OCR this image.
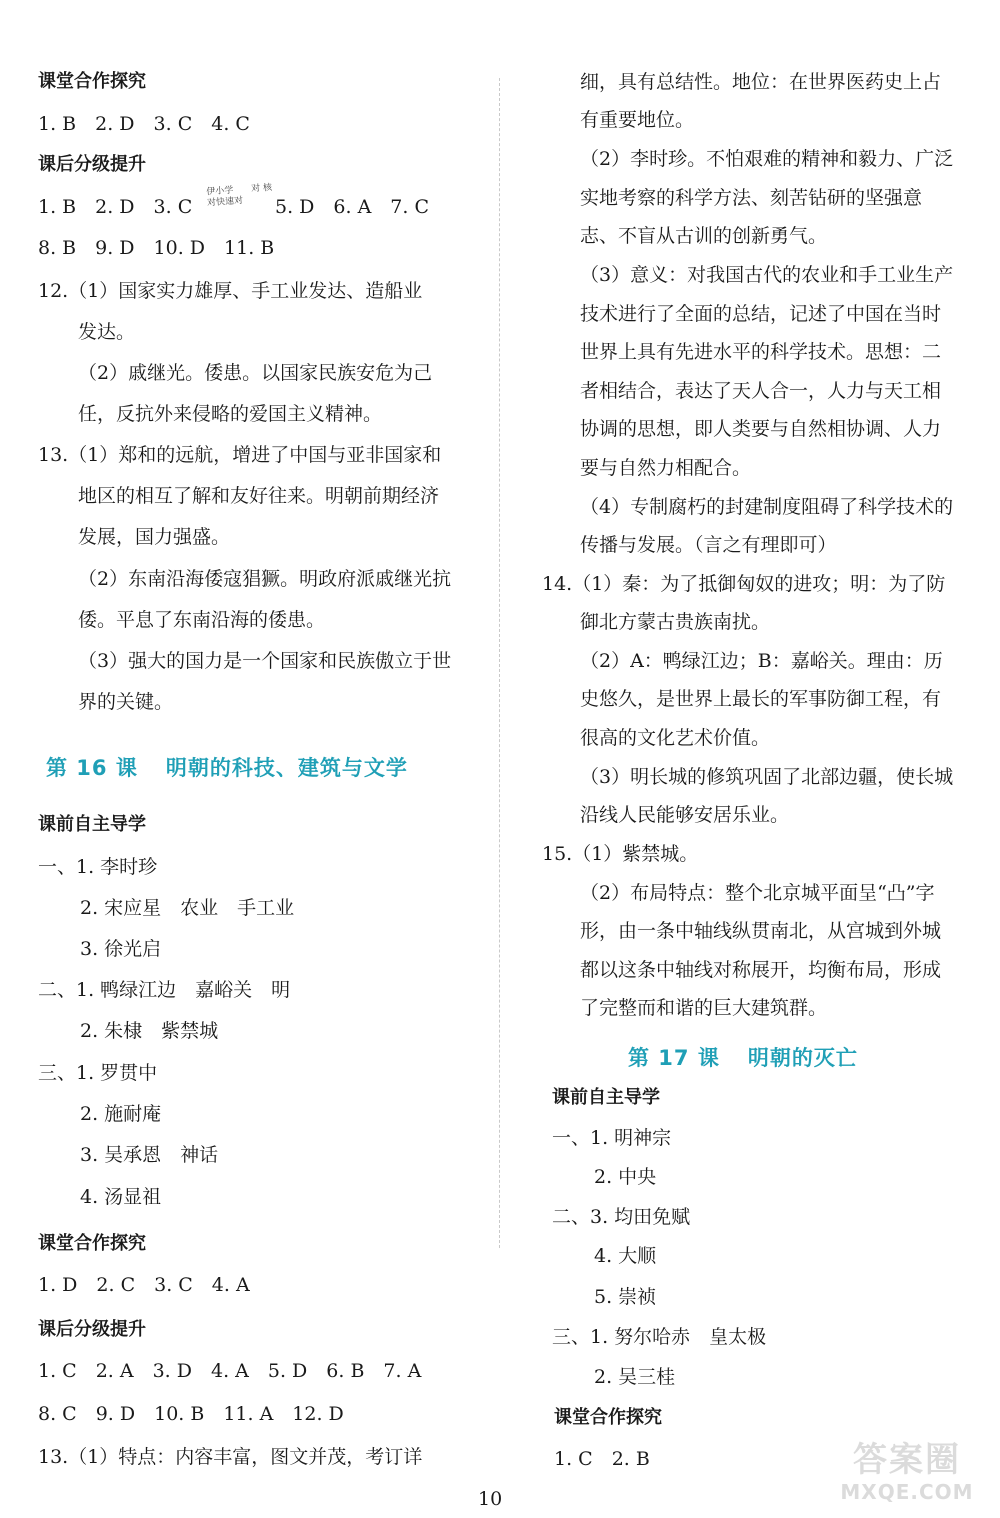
课堂合作探究
1. B　2. D　3. C　4. C
课后分级提升
1. B　2. D　3. C	5. D　6. A　7. C
8. B　9. D　10. D　11. B
12.（1）国家实力雄厚、手工业发达、造船业
发达。
（2）戚继光。倭患。以国家民族安危为己
任，反抗外来侵略的爱国主义精神。
13.（1）郑和的远航，增进了中国与亚非国家和
地区的相互了解和友好往来。明朝前期经济
发展，国力强盛。
（2）东南沿海倭寇猖獗。明政府派戚继光抗
倭。平息了东南沿海的倭患。
（3）强大的国力是一个国家和民族傲立于世
界的关键。
第 16 课 明朝的科技、建筑与文学
课前自主导学
一、1. 李时珍
2. 宋应星　农业　手工业
3. 徐光启
二、1. 鸭绿江边　嘉峪关　明
2. 朱棣　紫禁城
三、1. 罗贯中
2. 施耐庵
3. 吴承恩　神话
4. 汤显祖
课堂合作探究
1. D　2. C　3. C　4. A
课后分级提升
1. C　2. A　3. D　4. A　5. D　6. B　7. A
8. C　9. D　10. B　11. A　12. D
13.（1）特点：内容丰富，图文并茂，考订详
伊小学　　对 核对快速对
细，具有总结性。地位：在世界医药史上占
有重要地位。
（2）李时珍。不怕艰难的精神和毅力、广泛
实地考察的科学方法、刻苦钻研的坚强意
志、不盲从古训的创新勇气。
（3）意义：对我国古代的农业和手工业生产
技术进行了全面的总结，记述了中国在当时
世界上具有先进水平的科学技术。思想：二
者相结合，表达了天人合一，人力与天工相
协调的思想，即人类要与自然相协调、人力
要与自然力相配合。
（4）专制腐朽的封建制度阻碍了科学技术的
传播与发展。（言之有理即可）
14.（1）秦：为了抵御匈奴的进攻；明：为了防
御北方蒙古贵族南扰。
（2）A：鸭绿江边；B：嘉峪关。理由：历
史悠久，是世界上最长的军事防御工程，有
很高的文化艺术价值。
（3）明长城的修筑巩固了北部边疆，使长城
沿线人民能够安居乐业。
15.（1）紫禁城。
（2）布局特点：整个北京城平面呈“凸”字
形，由一条中轴线纵贯南北，从宫城到外城
都以这条中轴线对称展开，均衡布局，形成
了完整而和谐的巨大建筑群。
第 17 课 明朝的灭亡
课前自主导学
一、1. 明神宗
2. 中央
二、3. 均田免赋
4. 大顺
5. 崇祯
三、1. 努尔哈赤　皇太极
2. 吴三桂
课堂合作探究
1. C　2. B
10
答案圈
MXQE.COM
